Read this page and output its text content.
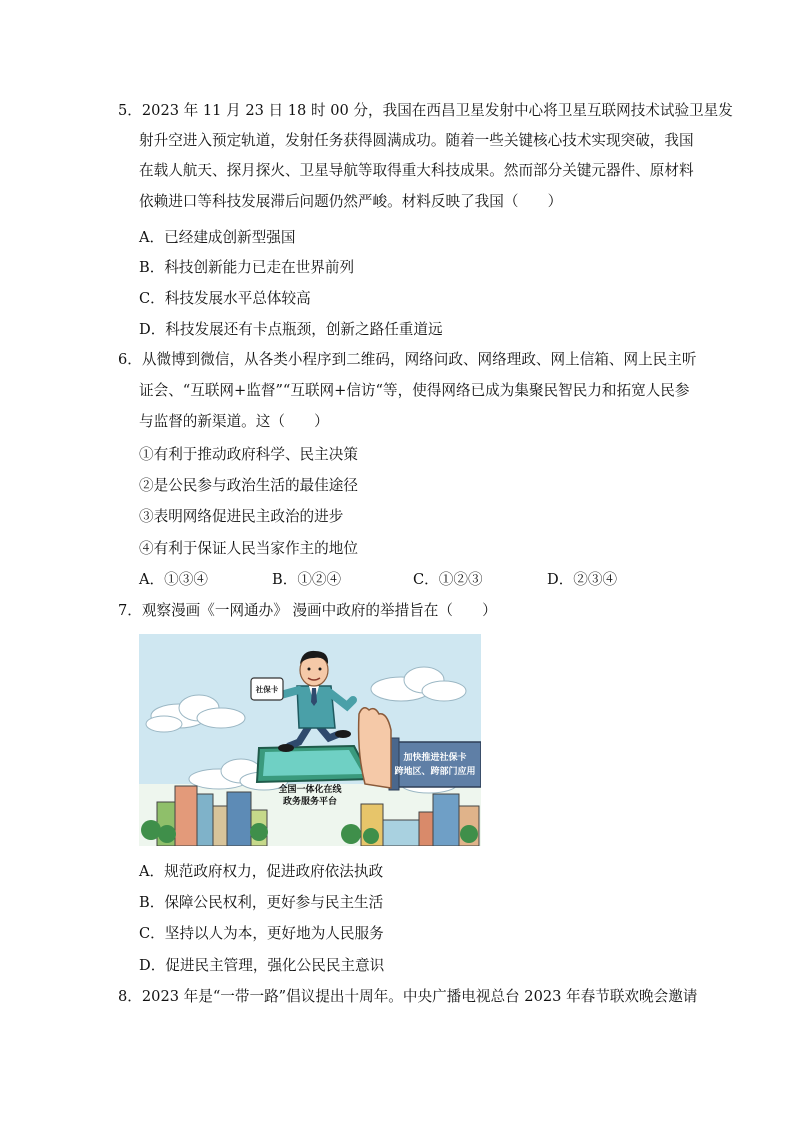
5．2023 年 11 月 23 日 18 时 00 分，我国在西昌卫星发射中心将卫星互联网技术试验卫星发
射升空进入预定轨道，发射任务获得圆满成功。随着一些关键核心技术实现突破，我国
在载人航天、探月探火、卫星导航等取得重大科技成果。然而部分关键元器件、原材料
依赖进口等科技发展滞后问题仍然严峻。材料反映了我国（　　）
A．已经建成创新型强国
B．科技创新能力已走在世界前列
C．科技发展水平总体较高
D．科技发展还有卡点瓶颈，创新之路任重道远
6．从微博到微信，从各类小程序到二维码，网络问政、网络理政、网上信箱、网上民主听
证会、“互联网+监督”“互联网+信访“等，使得网络已成为集聚民智民力和拓宽人民参
与监督的新渠道。这（　　）
①有利于推动政府科学、民主决策
②是公民参与政治生活的最佳途径
③表明网络促进民主政治的进步
④有利于保证人民当家作主的地位
A．①③④	B．①②④	C．①②③	D．②③④
7．观察漫画《一网通办》 漫画中政府的举措旨在（　　）
加快推进社保卡
跨地区、跨部门应用
社保卡
全国一体化在线
政务服务平台
A．规范政府权力，促进政府依法执政
B．保障公民权利，更好参与民主生活
C．坚持以人为本，更好地为人民服务
D．促进民主管理，强化公民民主意识
8．2023 年是“一带一路”倡议提出十周年。中央广播电视总台 2023 年春节联欢晚会邀请
